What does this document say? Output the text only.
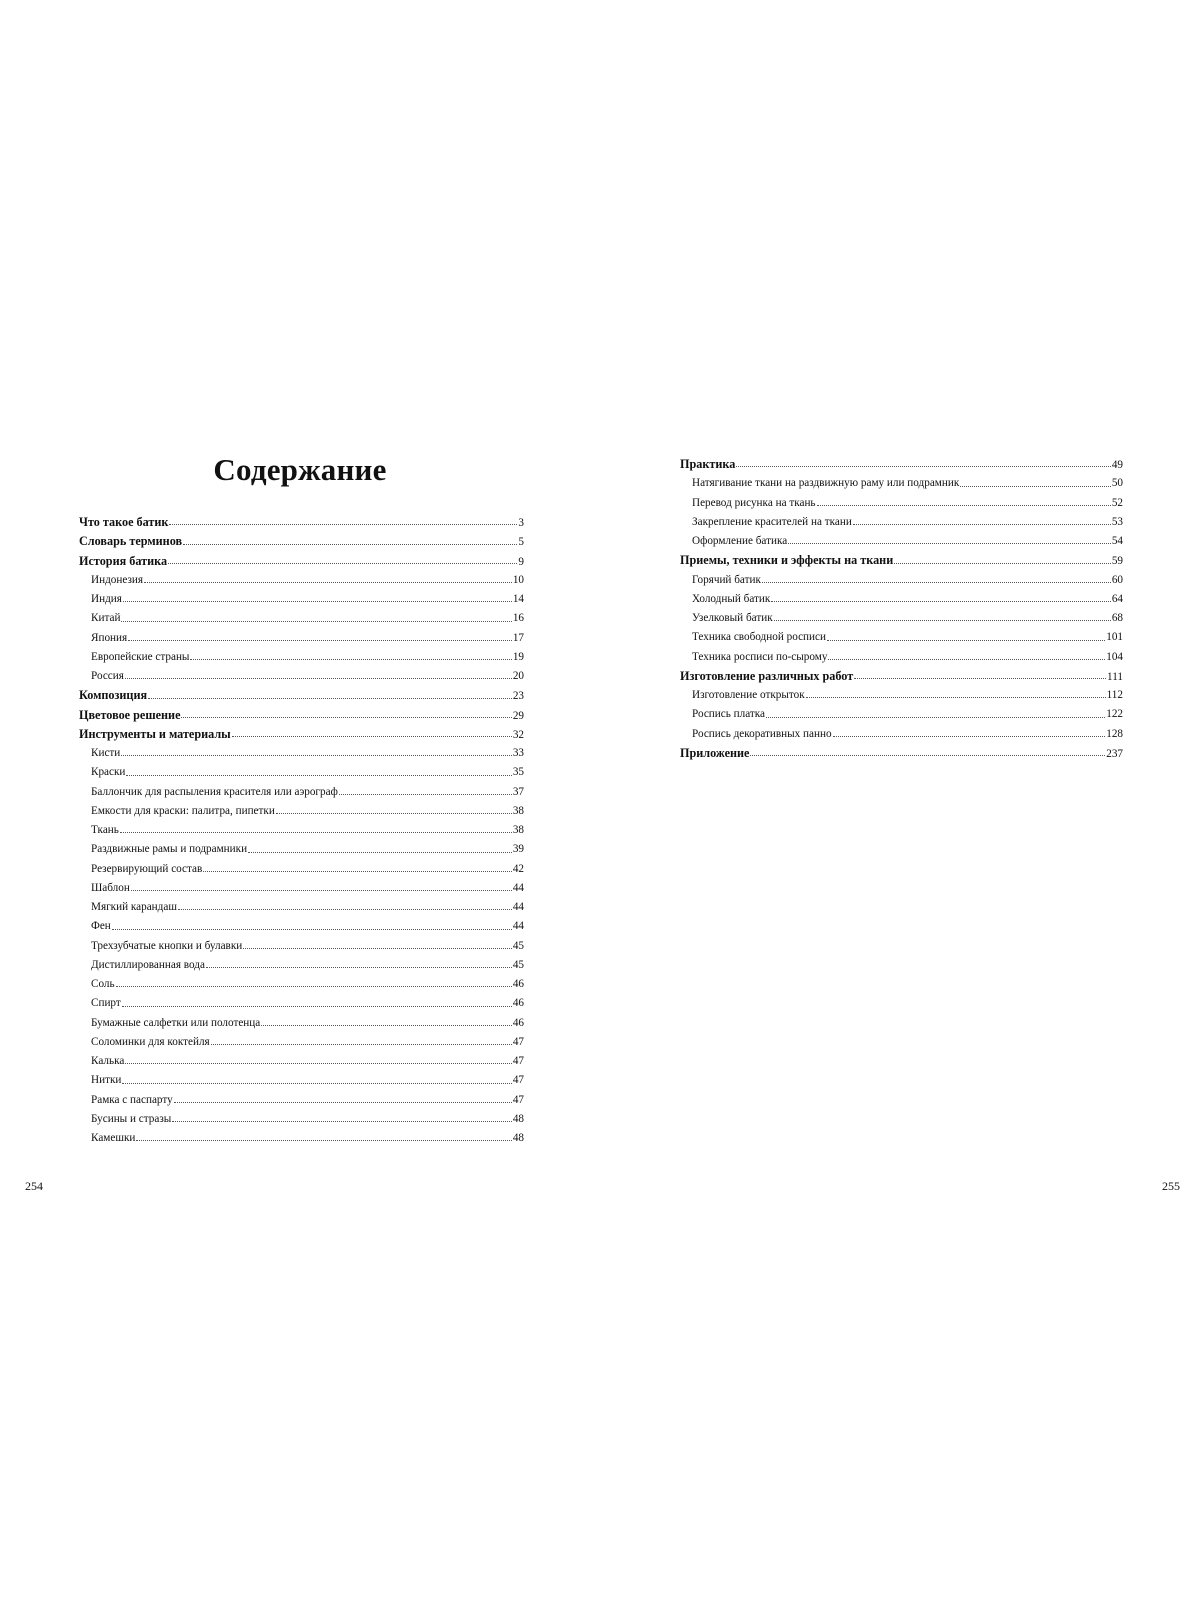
Содержание
Что такое батик	3
Словарь терминов	5
История батика	9
Индонезия	10
Индия	14
Китай	16
Япония	17
Европейские страны	19
Россия	20
Композиция	23
Цветовое решение	29
Инструменты и материалы	32
Кисти	33
Краски	35
Баллончик для распыления красителя или аэрограф	37
Емкости для краски: палитра, пипетки	38
Ткань	38
Раздвижные рамы и подрамники	39
Резервирующий состав	42
Шаблон	44
Мягкий карандаш	44
Фен	44
Трехзубчатые кнопки и булавки	45
Дистиллированная вода	45
Соль	46
Спирт	46
Бумажные салфетки или полотенца	46
Соломинки для коктейля	47
Калька	47
Нитки	47
Рамка с паспарту	47
Бусины и стразы	48
Камешки	48

254

Практика	49
Натягивание ткани на раздвижную раму или подрамник	50
Перевод рисунка на ткань	52
Закрепление красителей на ткани	53
Оформление батика	54
Приемы, техники и эффекты на ткани	59
Горячий батик	60
Холодный батик	64
Узелковый батик	68
Техника свободной росписи	101
Техника росписи по-сырому	104
Изготовление различных работ	111
Изготовление открыток	112
Роспись платка	122
Роспись декоративных панно	128
Приложение	237

255
